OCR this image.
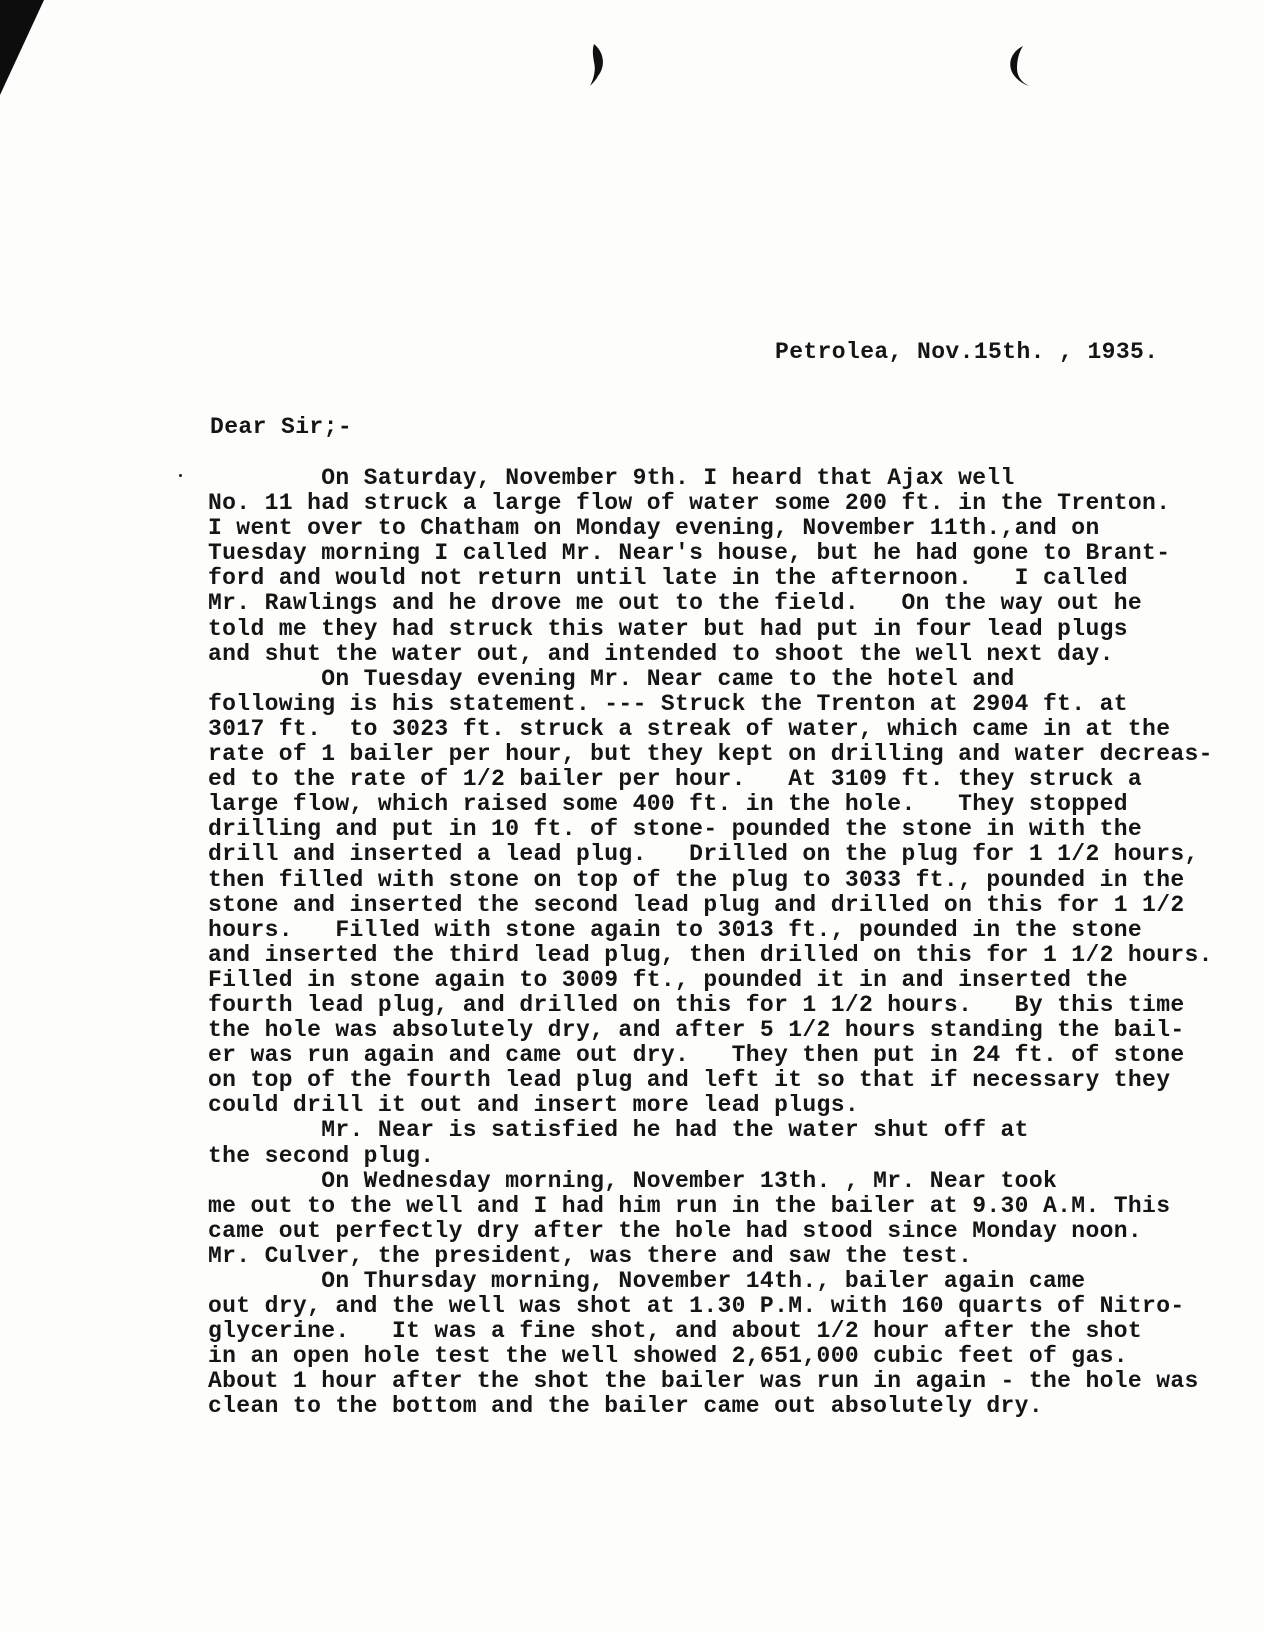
Petrolea, Nov.15th. , 1935.
Dear Sir;-
On Saturday, November 9th. I heard that Ajax well
No. 11 had struck a large flow of water some 200 ft. in the Trenton.
I went over to Chatham on Monday evening, November 11th.,and on
Tuesday morning I called Mr. Near's house, but he had gone to Brant-
ford and would not return until late in the afternoon.   I called
Mr. Rawlings and he drove me out to the field.   On the way out he
told me they had struck this water but had put in four lead plugs
and shut the water out, and intended to shoot the well next day.
On Tuesday evening Mr. Near came to the hotel and
following is his statement. --- Struck the Trenton at 2904 ft. at
3017 ft.  to 3023 ft. struck a streak of water, which came in at the
rate of 1 bailer per hour, but they kept on drilling and water decreas-
ed to the rate of 1/2 bailer per hour.   At 3109 ft. they struck a
large flow, which raised some 400 ft. in the hole.   They stopped
drilling and put in 10 ft. of stone- pounded the stone in with the
drill and inserted a lead plug.   Drilled on the plug for 1 1/2 hours,
then filled with stone on top of the plug to 3033 ft., pounded in the
stone and inserted the second lead plug and drilled on this for 1 1/2
hours.   Filled with stone again to 3013 ft., pounded in the stone
and inserted the third lead plug, then drilled on this for 1 1/2 hours.
Filled in stone again to 3009 ft., pounded it in and inserted the
fourth lead plug, and drilled on this for 1 1/2 hours.   By this time
the hole was absolutely dry, and after 5 1/2 hours standing the bail-
er was run again and came out dry.   They then put in 24 ft. of stone
on top of the fourth lead plug and left it so that if necessary they
could drill it out and insert more lead plugs.
Mr. Near is satisfied he had the water shut off at
the second plug.
On Wednesday morning, November 13th. , Mr. Near took
me out to the well and I had him run in the bailer at 9.30 A.M. This
came out perfectly dry after the hole had stood since Monday noon.
Mr. Culver, the president, was there and saw the test.
On Thursday morning, November 14th., bailer again came
out dry, and the well was shot at 1.30 P.M. with 160 quarts of Nitro-
glycerine.   It was a fine shot, and about 1/2 hour after the shot
in an open hole test the well showed 2,651,000 cubic feet of gas.
About 1 hour after the shot the bailer was run in again - the hole was
clean to the bottom and the bailer came out absolutely dry.
